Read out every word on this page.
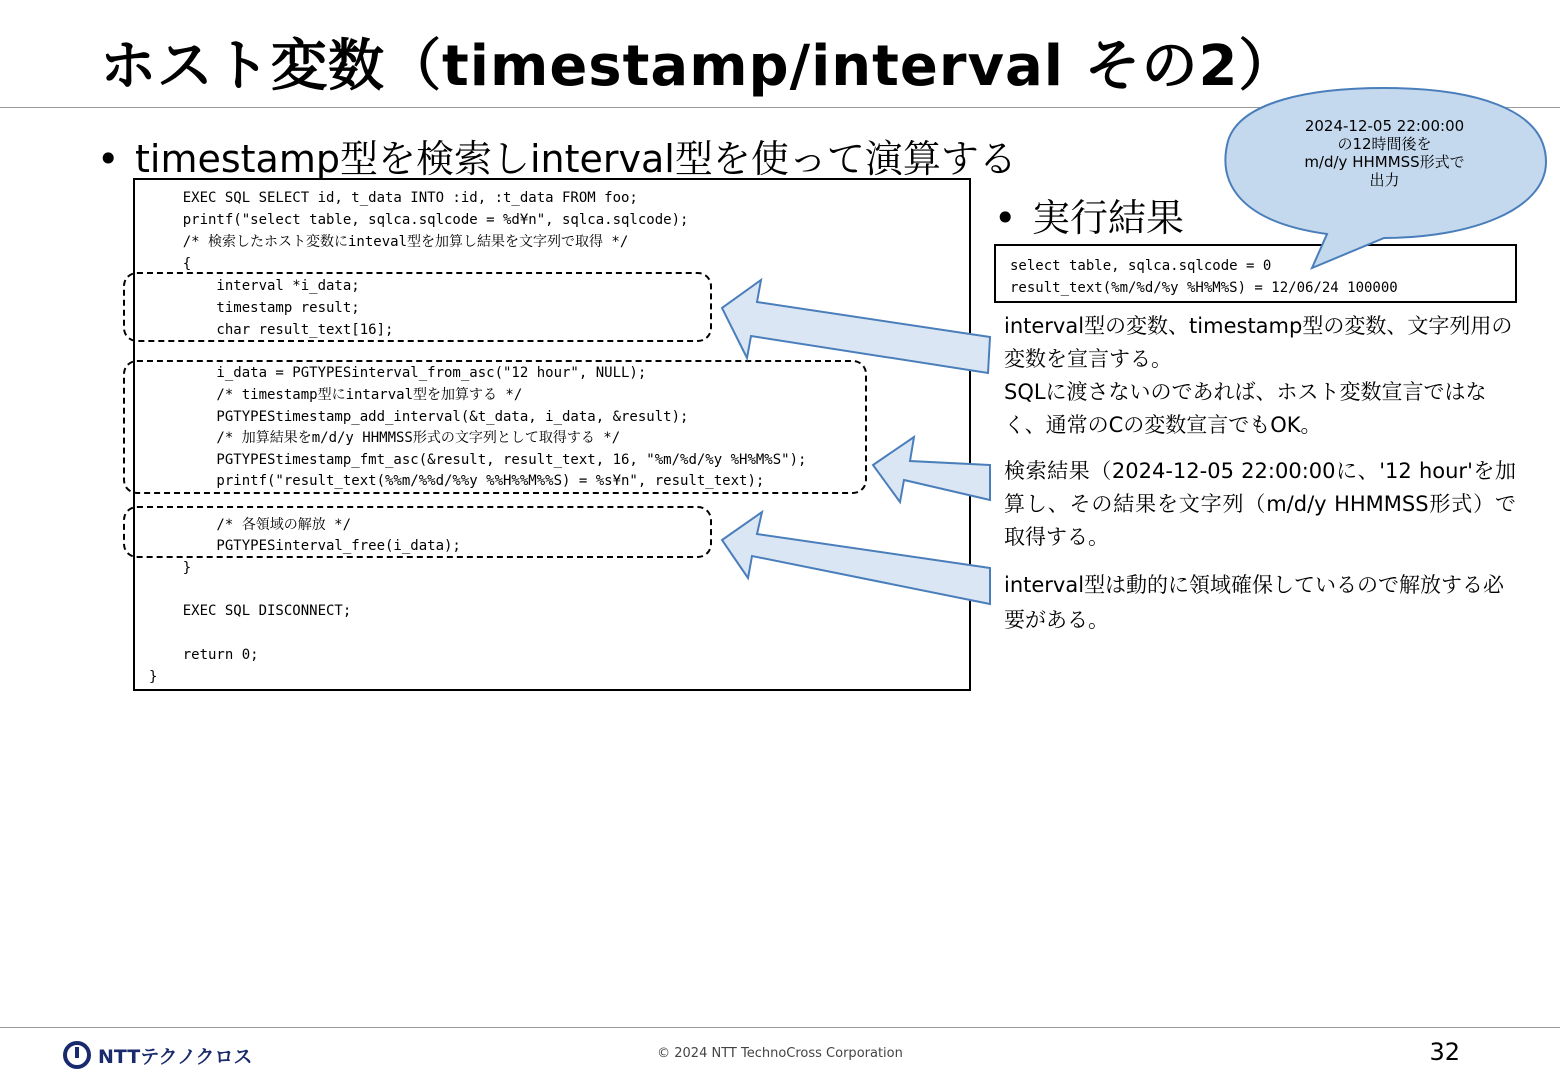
ホスト変数（timestamp/interval その2）
• timestamp型を検索しinterval型を使って演算する
EXEC SQL SELECT id, t_data INTO :id, :t_data FROM foo;
printf("select table, sqlca.sqlcode = %d¥n", sqlca.sqlcode);
/* 検索したホスト変数にinteval型を加算し結果を文字列で取得 */
{
interval *i_data;
timestamp result;
char result_text[16];
i_data = PGTYPESinterval_from_asc("12 hour", NULL);
/* timestamp型にintarval型を加算する */
PGTYPEStimestamp_add_interval(&t_data, i_data, &result);
/* 加算結果をm/d/y HHMMSS形式の文字列として取得する */
PGTYPEStimestamp_fmt_asc(&result, result_text, 16, "%m/%d/%y %H%M%S");
printf("result_text(%%m/%%d/%%y %%H%%M%%S) = %s¥n", result_text);
/* 各領域の解放 */
PGTYPESinterval_free(i_data);
}
EXEC SQL DISCONNECT;
return 0;
}
• 実行結果
select table, sqlca.sqlcode = 0
result_text(%m/%d/%y %H%M%S) = 12/06/24 100000
interval型の変数、timestamp型の変数、文字列用の変数を宣言する。
SQLに渡さないのであれば、ホスト変数宣言ではなく、通常のCの変数宣言でもOK。
検索結果（2024-12-05 22:00:00に、'12 hour'を加算し、その結果を文字列（m/d/y HHMMSS形式）で取得する。
interval型は動的に領域確保しているので解放する必要がある。
2024-12-05 22:00:00
の12時間後を
m/d/y HHMMSS形式で
出力
NTTテクノクロス	© 2024 NTT TechnoCross Corporation	32
